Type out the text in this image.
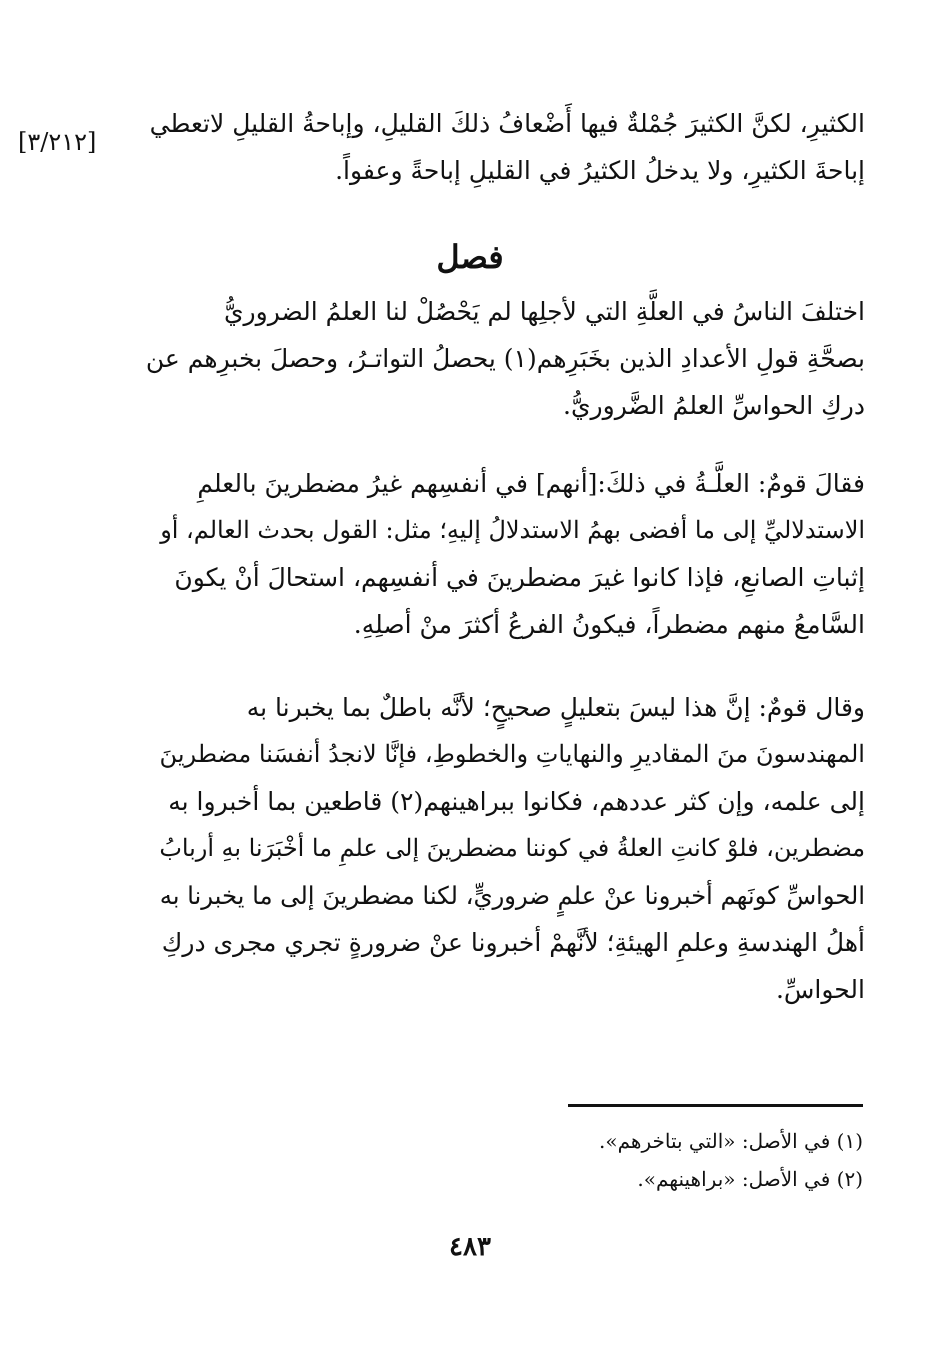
[٣/٢١٢]
الكثيرِ، لكنَّ الكثيرَ جُمْلةٌ فيها أَضْعافُ ذلكَ القليلِ، وإباحةُ القليلِ لاتعطي
إباحةَ الكثيرِ، ولا يدخلُ الكثيرُ في القليلِ إباحةً وعفواً.
فصل
اختلفَ الناسُ في العلَّةِ التي لأجلِها لم يَحْصُلْ لنا العلمُ الضروريُّ
بصحَّةِ قولِ الأعدادِ الذين بخَبَرِهم(١) يحصلُ التواتـرُ، وحصلَ بخبرِهم عن
دركِ الحواسِّ العلمُ الضَّروريُّ.
فقالَ قومٌ: العلَّـةُ في ذلكَ:[أنهم] في أنفسِهم غيرُ مضطرينَ بالعلمِ
الاستدلاليِّ إلى ما أفضى بهمُ الاستدلالُ إليهِ؛ مثل: القول بحدث العالم، أو
إثباتِ الصانعِ، فإذا كانوا غيرَ مضطرينَ في أنفسِهم، استحالَ أنْ يكونَ
السَّامعُ منهم مضطراً، فيكونُ الفرعُ أكثرَ منْ أصلِهِ.
وقال قومٌ: إنَّ هذا ليسَ بتعليلٍ صحيحٍ؛ لأنَّه باطلٌ بما يخبرنا به
المهندسونَ منَ المقاديرِ والنهاياتِ والخطوطِ، فإنَّا لانجدُ أنفسَنا مضطرينَ
إلى علمه، وإن كثر عددهم، فكانوا ببراهينهم(٢) قاطعين بما أخبروا به
مضطرين، فلوْ كانتِ العلةُ في كوننا مضطرينَ إلى علمِ ما أخْبَرَنا بهِ أربابُ
الحواسِّ كونَهم أخبرونا عنْ علمٍ ضروريٍّ، لكنا مضطرينَ إلى ما يخبرنا به
أهلُ الهندسةِ وعلمِ الهيئةِ؛ لأنَّهمْ أخبرونا عنْ ضرورةٍ تجري مجرى دركِ
الحواسِّ.
(١) في الأصل: «التي بتاخرهم».
(٢) في الأصل: «براهينهم».
٤٨٣
